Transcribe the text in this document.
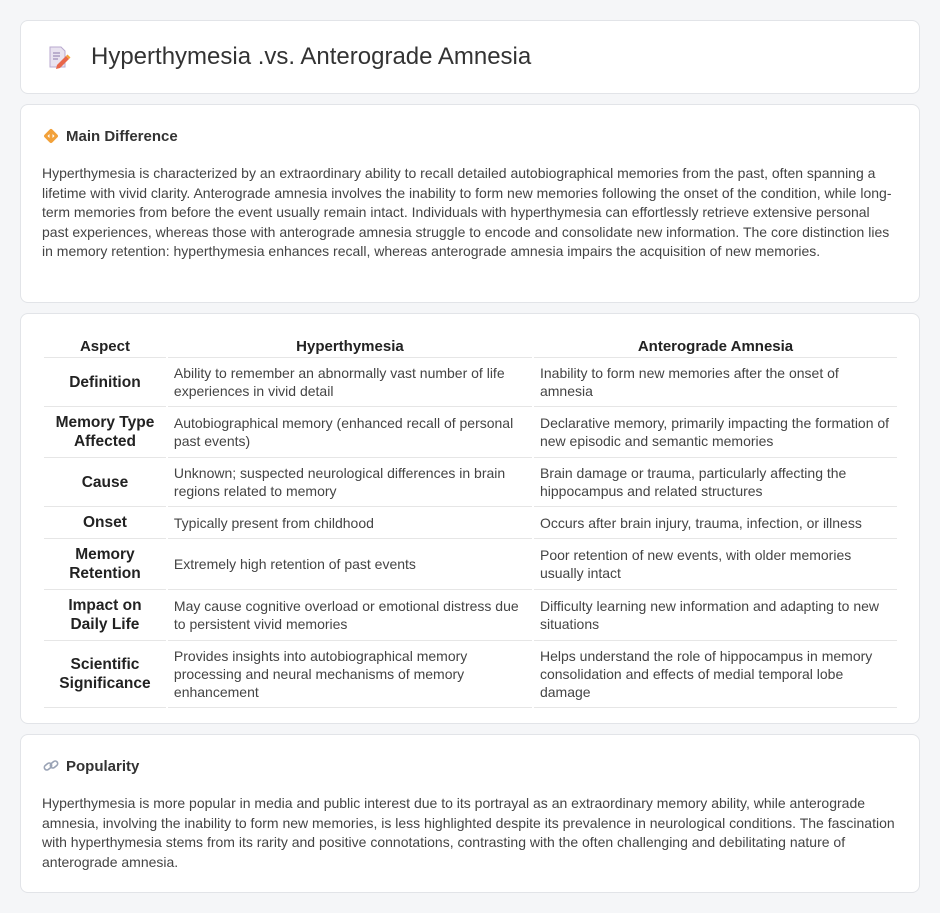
Hyperthymesia .vs. Anterograde Amnesia
Main Difference

Hyperthymesia is characterized by an extraordinary ability to recall detailed autobiographical memories from the past, often spanning a lifetime with vivid clarity. Anterograde amnesia involves the inability to form new memories following the onset of the condition, while long-term memories from before the event usually remain intact. Individuals with hyperthymesia can effortlessly retrieve extensive personal past experiences, whereas those with anterograde amnesia struggle to encode and consolidate new information. The core distinction lies in memory retention: hyperthymesia enhances recall, whereas anterograde amnesia impairs the acquisition of new memories.

Aspect	Hyperthymesia	Anterograde Amnesia
Definition	Ability to remember an abnormally vast number of life experiences in vivid detail	Inability to form new memories after the onset of amnesia
Memory Type Affected	Autobiographical memory (enhanced recall of personal past events)	Declarative memory, primarily impacting the formation of new episodic and semantic memories
Cause	Unknown; suspected neurological differences in brain regions related to memory	Brain damage or trauma, particularly affecting the hippocampus and related structures
Onset	Typically present from childhood	Occurs after brain injury, trauma, infection, or illness
Memory Retention	Extremely high retention of past events	Poor retention of new events, with older memories usually intact
Impact on Daily Life	May cause cognitive overload or emotional distress due to persistent vivid memories	Difficulty learning new information and adapting to new situations
Scientific Significance	Provides insights into autobiographical memory processing and neural mechanisms of memory enhancement	Helps understand the role of hippocampus in memory consolidation and effects of medial temporal lobe damage
Popularity

Hyperthymesia is more popular in media and public interest due to its portrayal as an extraordinary memory ability, while anterograde amnesia, involving the inability to form new memories, is less highlighted despite its prevalence in neurological conditions. The fascination with hyperthymesia stems from its rarity and positive connotations, contrasting with the often challenging and debilitating nature of anterograde amnesia.
